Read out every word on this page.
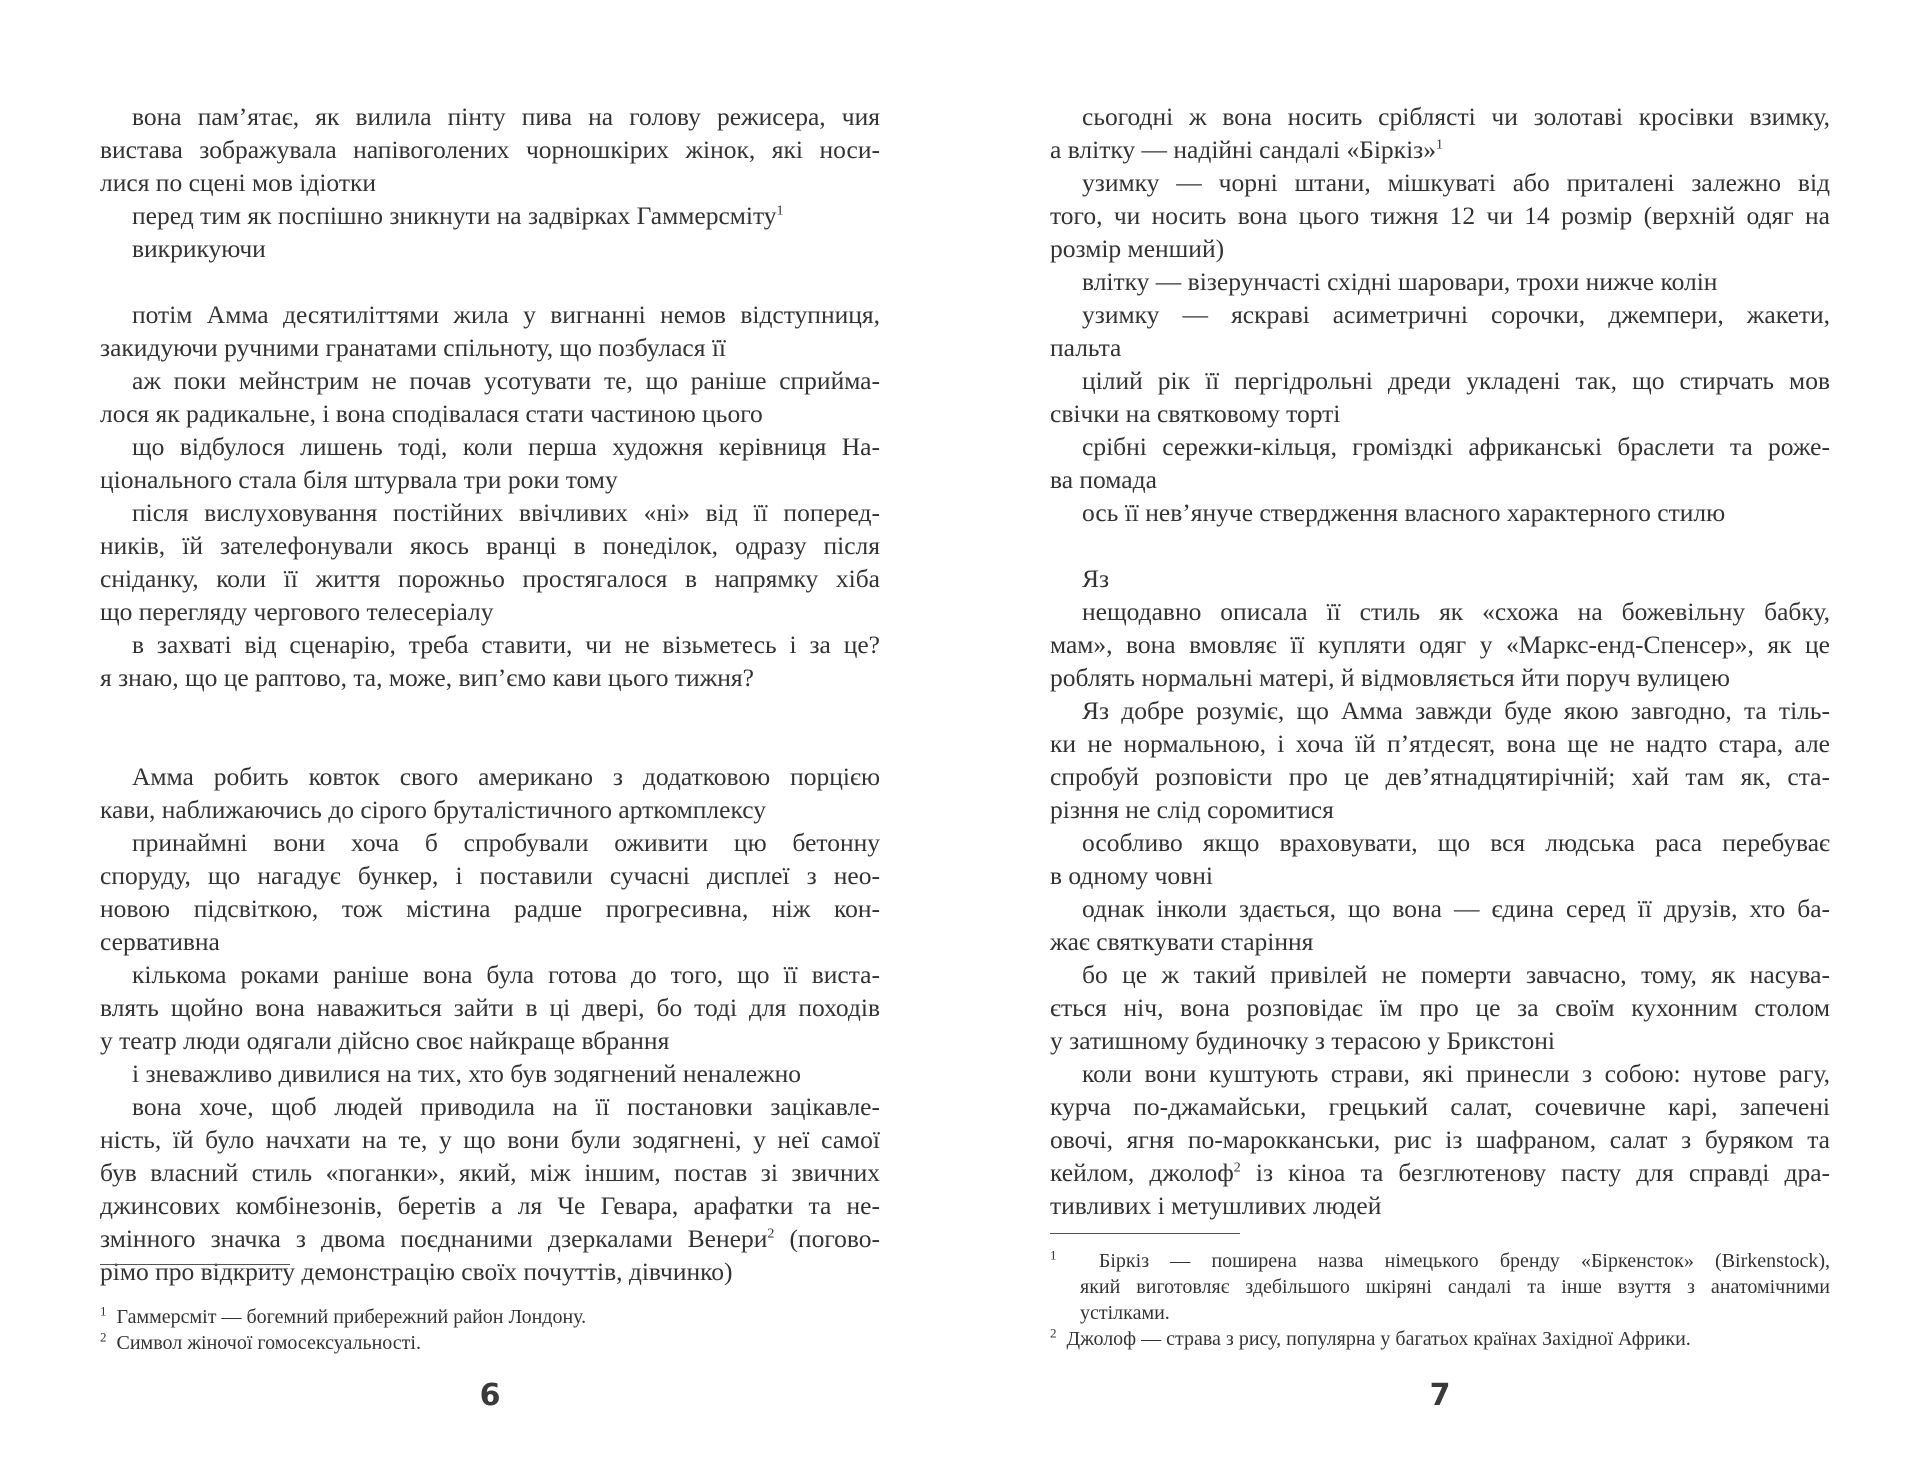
вона пам’ятає, як вилила пінту пива на голову режисера, чия
вистава зображувала напівоголених чорношкірих жінок, які носи-
лися по сцені мов ідіотки
перед тим як поспішно зникнути на задвірках Гаммерсміту$^1$
викрикуючи
потім Амма десятиліттями жила у вигнанні немов відступниця,
закидуючи ручними гранатами спільноту, що позбулася її
аж поки мейнстрим не почав усотувати те, що раніше сприйма-
лося як радикальне, і вона сподівалася стати частиною цього
що відбулося лишень тоді, коли перша художня керівниця На-
ціонального стала біля штурвала три роки тому
після вислуховування постійних ввічливих «ні» від її поперед-
ників, їй зателефонували якось вранці в понеділок, одразу після
сніданку, коли її життя порожньо простягалося в напрямку хіба
що перегляду чергового телесеріалу
в захваті від сценарію, треба ставити, чи не візьметесь і за це?
я знаю, що це раптово, та, може, вип’ємо кави цього тижня?
Амма робить ковток свого американо з додатковою порцією
кави, наближаючись до сірого бруталістичного арткомплексу
принаймні вони хоча б спробували оживити цю бетонну
споруду, що нагадує бункер, і поставили сучасні дисплеї з нео-
новою підсвіткою, тож містина радше прогресивна, ніж кон-
сервативна
кількома роками раніше вона була готова до того, що її виста-
влять щойно вона наважиться зайти в ці двері, бо тоді для походів
у театр люди одягали дійсно своє найкраще вбрання
і зневажливо дивилися на тих, хто був зодягнений неналежно
вона хоче, щоб людей приводила на її постановки зацікавле-
ність, їй було начхати на те, у що вони були зодягнені, у неї самої
був власний стиль «поганки», який, між іншим, постав зі звичних
джинсових комбінезонів, беретів а ля Че Гевара, арафатки та не-
змінного значка з двома поєднаними дзеркалами Венери$^2$ (погово-
рімо про відкриту демонстрацію своїх почуттів, дівчинко)
$^1$ Гаммерсміт — богемний прибережний район Лондону.
$^2$ Символ жіночої гомосексуальності.
6
сьогодні ж вона носить сріблясті чи золотаві кросівки взимку,
а влітку — надійні сандалі «Біркіз»$^1$
узимку — чорні штани, мішкуваті або приталені залежно від
того, чи носить вона цього тижня 12 чи 14 розмір (верхній одяг на
розмір менший)
влітку — візерунчасті східні шаровари, трохи нижче колін
узимку — яскраві асиметричні сорочки, джемпери, жакети,
пальта
цілий рік її пергідрольні дреди укладені так, що стирчать мов
свічки на святковому торті
срібні сережки-кільця, громіздкі африканські браслети та роже-
ва помада
ось її нев’януче ствердження власного характерного стилю
Яз
нещодавно описала її стиль як «схожа на божевільну бабку,
мам», вона вмовляє її купляти одяг у «Маркс-енд-Спенсер», як це
роблять нормальні матері, й відмовляється йти поруч вулицею
Яз добре розуміє, що Амма завжди буде якою завгодно, та тіль-
ки не нормальною, і хоча їй п’ятдесят, вона ще не надто стара, але
спробуй розповісти про це дев’ятнадцятирічній; хай там як, ста-
різння не слід соромитися
особливо якщо враховувати, що вся людська раса перебуває
в одному човні
однак інколи здається, що вона — єдина серед її друзів, хто ба-
жає святкувати старіння
бо це ж такий привілей не померти завчасно, тому, як насува-
ється ніч, вона розповідає їм про це за своїм кухонним столом
у затишному будиночку з терасою у Брикстоні
коли вони куштують страви, які принесли з собою: нутове рагу,
курча по-джамайськи, грецький салат, сочевичне карі, запечені
овочі, ягня по-марокканськи, рис із шафраном, салат з буряком та
кейлом, джолоф$^2$ із кіноа та безглютенову пасту для справді дра-
тивливих і метушливих людей
$^1$ Біркіз — поширена назва німецького бренду «Біркенсток» (Birkenstock),
який виготовляє здебільшого шкіряні сандалі та інше взуття з анатомічними
устілками.
$^2$ Джолоф — страва з рису, популярна у багатьох країнах Західної Африки.
7
